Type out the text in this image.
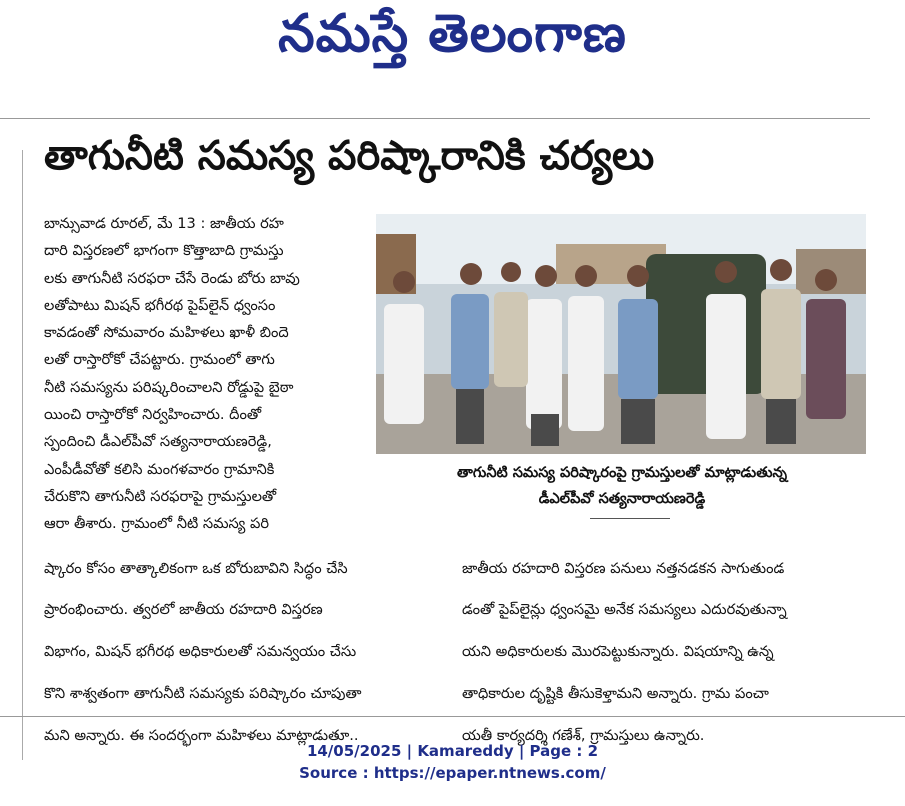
నమస్తే తెలంగాణ
తాగునీటి సమస్య పరిష్కారానికి చర్యలు

బాన్సువాడ రూరల్, మే 13 : జాతీయ రహ

దారి విస్తరణలో భాగంగా కొత్తాబాది గ్రామస్తు

లకు తాగునీటి సరఫరా చేసే రెండు బోరు బావు

లతోపాటు మిషన్ భగీరథ పైప్‌లైన్ ధ్వంసం

కావడంతో సోమవారం మహిళలు ఖాళీ బిందె

లతో రాస్తారోకో చేపట్టారు. గ్రామంలో తాగు

నీటి సమస్యను పరిష్కరించాలని రోడ్డుపై బైఠా

యించి రాస్తారోకో నిర్వహించారు. దీంతో

స్పందించి డీఎల్‌పీవో సత్యనారాయణరెడ్డి,

ఎంపీడీవోతో కలిసి మంగళవారం గ్రామానికి

చేరుకొని తాగునీటి సరఫరాపై గ్రామస్తులతో

ఆరా తీశారు. గ్రామంలో నీటి సమస్య పరి

తాగునీటి సమస్య పరిష్కారంపై గ్రామస్తులతో మాట్లాడుతున్న
డీఎల్‌పీవో సత్యనారాయణరెడ్డి

ష్కారం కోసం తాత్కాలికంగా ఒక బోరుబావిని సిద్ధం చేసి

ప్రారంభించారు. త్వరలో జాతీయ రహదారి విస్తరణ

విభాగం, మిషన్ భగీరథ అధికారులతో సమన్వయం చేసు

కొని శాశ్వతంగా తాగునీటి సమస్యకు పరిష్కారం చూపుతా

మని అన్నారు. ఈ సందర్భంగా మహిళలు మాట్లాడుతూ..

జాతీయ రహదారి విస్తరణ పనులు నత్తనడకన సాగుతుండ

డంతో పైప్‌లైన్లు ధ్వంసమై అనేక సమస్యలు ఎదురవుతున్నా

యని అధికారులకు మొరపెట్టుకున్నారు. విషయాన్ని ఉన్న

తాధికారుల దృష్టికి తీసుకెళ్తామని అన్నారు. గ్రామ పంచా

యతీ కార్యదర్శి గణేశ్, గ్రామస్తులు ఉన్నారు.

14/05/2025 | Kamareddy | Page : 2
Source : https://epaper.ntnews.com/
